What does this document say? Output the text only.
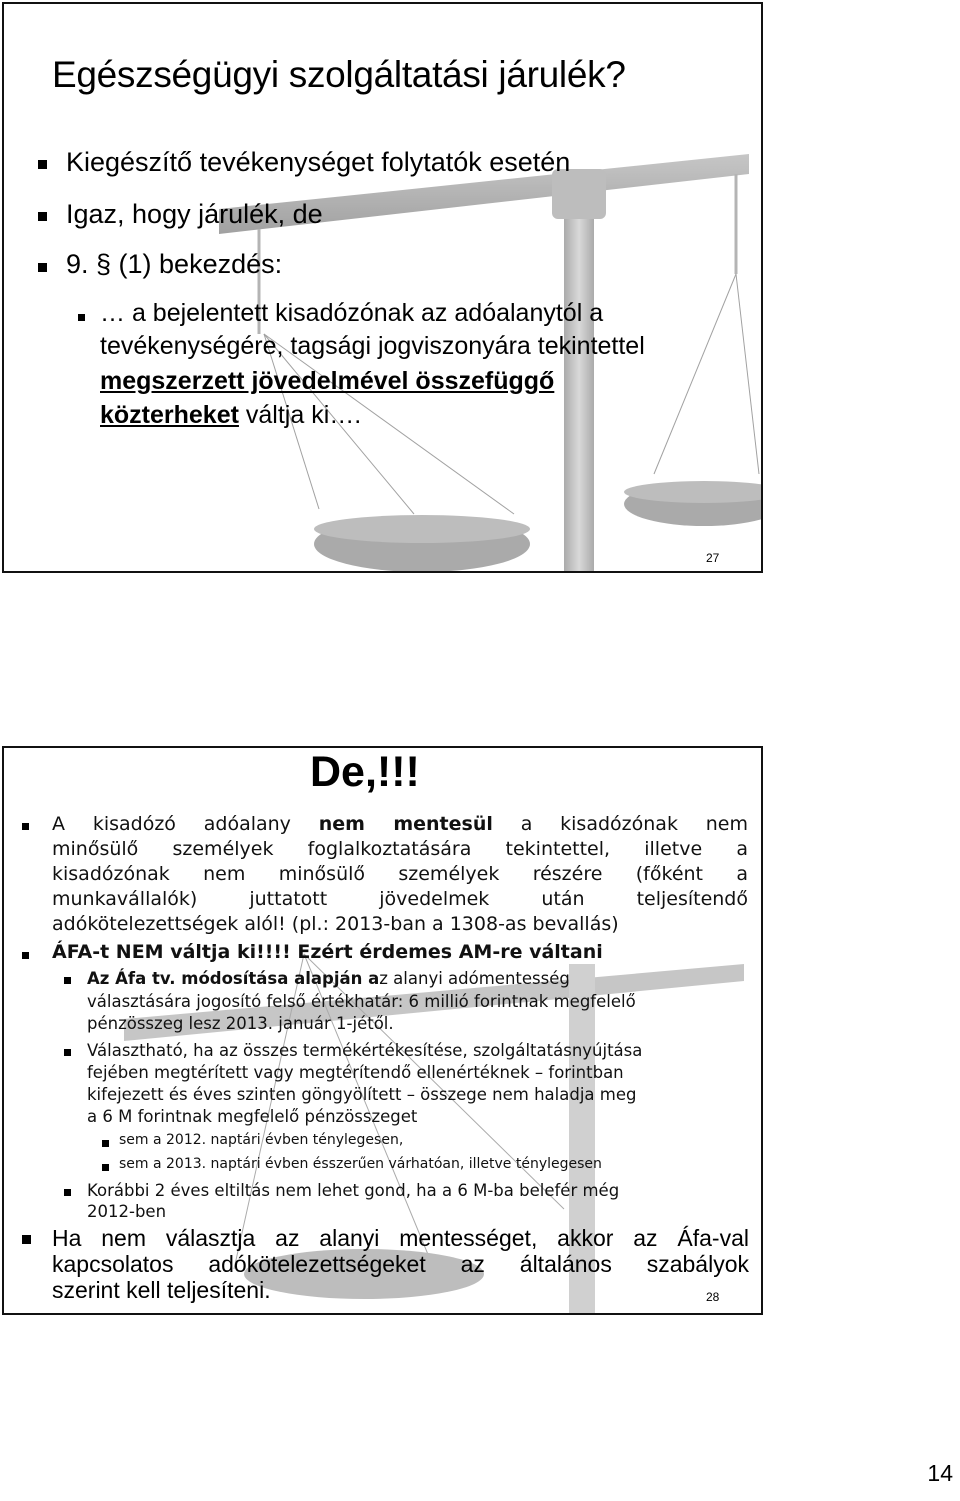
Egészségügyi szolgáltatási járulék?
Kiegészítő tevékenységet folytatók esetén
Igaz, hogy járulék, de
9. § (1) bekezdés:
… a bejelentett kisadózónak az adóalanytól a
tevékenységére, tagsági jogviszonyára tekintettel
megszerzett jövedelmével összefüggő
közterheket váltja ki….
27
De,!!!
A kisadózó adóalany nem mentesül a kisadózónak nem
minősülő személyek foglalkoztatására tekintettel, illetve a
kisadózónak nem minősülő személyek részére (főként a
munkavállalók) juttatott jövedelmek után teljesítendő
adókötelezettségek alól! (pl.: 2013-ban a 1308-as bevallás)
ÁFA-t NEM váltja ki!!!! Ezért érdemes AM-re váltani
Az Áfa tv. módosítása alapján az alanyi adómentesség
választására jogosító felső értékhatár: 6 millió forintnak megfelelő
pénzösszeg lesz 2013. január 1-jétől.
Választható, ha az összes termékértékesítése, szolgáltatásnyújtása
fejében megtérített vagy megtérítendő ellenértéknek – forintban
kifejezett és éves szinten göngyölített – összege nem haladja meg
a 6 M forintnak megfelelő pénzösszeget
sem a 2012. naptári évben ténylegesen,
sem a 2013. naptári évben ésszerűen várhatóan, illetve ténylegesen
Korábbi 2 éves eltiltás nem lehet gond, ha a 6 M-ba belefér még
2012-ben
Ha nem választja az alanyi mentességet, akkor az Áfa-val
kapcsolatos adókötelezettségeket az általános szabályok
szerint kell teljesíteni.	28
14
